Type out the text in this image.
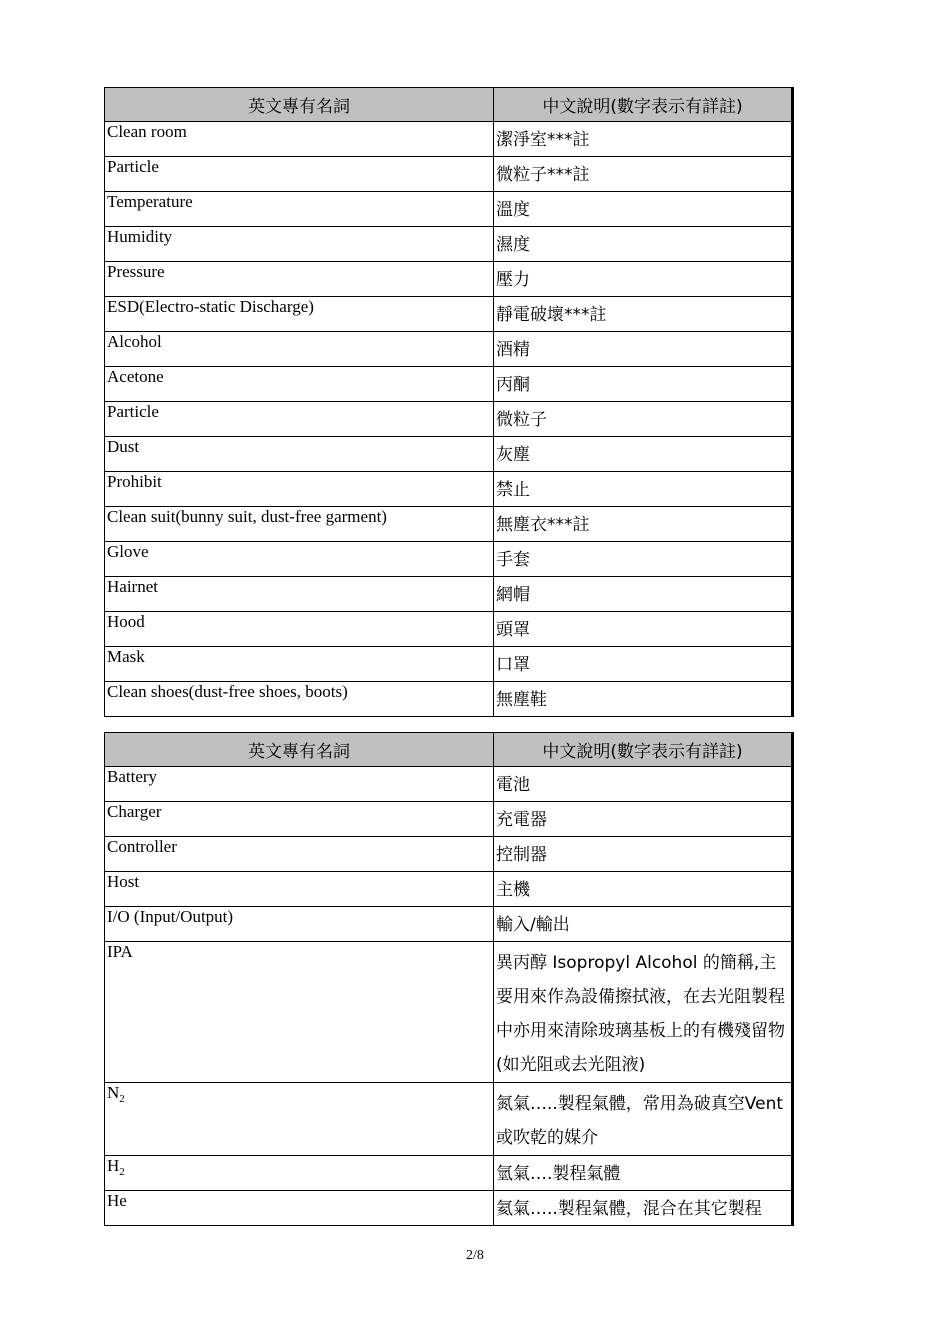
英文專有名詞	中文說明(數字表示有詳註)
Clean room	潔淨室***註
Particle	微粒子***註
Temperature	溫度
Humidity	濕度
Pressure	壓力
ESD(Electro-static Discharge)	靜電破壞***註
Alcohol	酒精
Acetone	丙酮
Particle	微粒子
Dust	灰塵
Prohibit	禁止
Clean suit(bunny suit, dust-free garment)	無塵衣***註
Glove	手套
Hairnet	網帽
Hood	頭罩
Mask	口罩
Clean shoes(dust-free shoes, boots)	無塵鞋
英文專有名詞	中文說明(數字表示有詳註)
Battery	電池
Charger	充電器
Controller	控制器
Host	主機
I/O (Input/Output)	輸入/輸出
IPA	異丙醇 Isopropyl Alcohol 的簡稱,主要用來作為設備擦拭液，在去光阻製程中亦用來清除玻璃基板上的有機殘留物(如光阻或去光阻液)
$N_2$	氮氣…..製程氣體，常用為破真空Vent 或吹乾的媒介
$H_2$	氫氣….製程氣體
He	氦氣…..製程氣體，混合在其它製程
2/8
